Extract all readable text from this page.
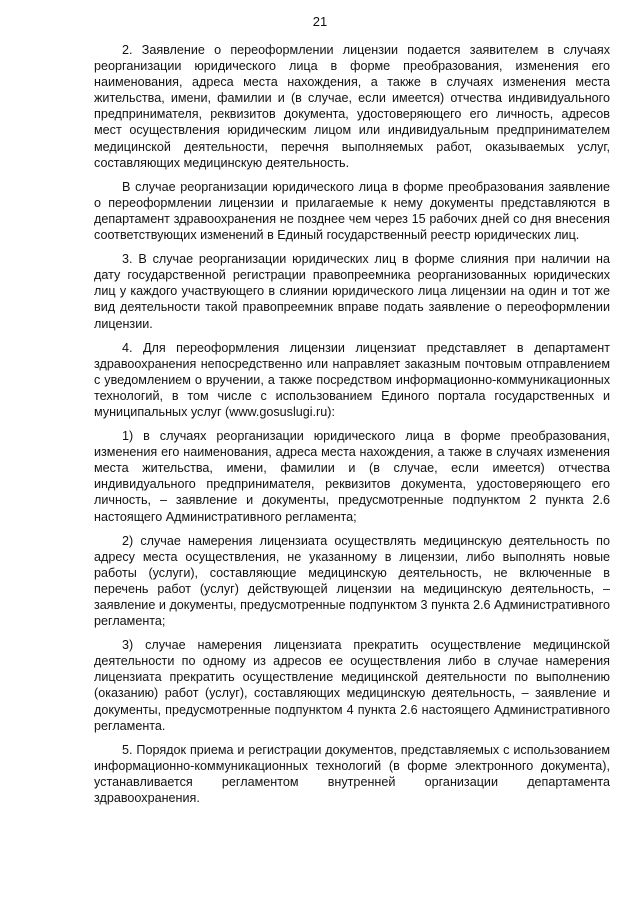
21

2. Заявление о переоформлении лицензии подается заявителем в случаях реорганизации юридического лица в форме преобразования, изменения его наименования, адреса места нахождения, а также в случаях изменения места жительства, имени, фамилии и (в случае, если имеется) отчества индивидуального предпринимателя, реквизитов документа, удостоверяющего его личность, адресов мест осуществления юридическим лицом или индивидуальным предпринимателем медицинской деятельности, перечня выполняемых работ, оказываемых услуг, составляющих медицинскую деятельность.

В случае реорганизации юридического лица в форме преобразования заявление о переоформлении лицензии и прилагаемые к нему документы представляются в департамент здравоохранения не позднее чем через 15 рабочих дней со дня внесения соответствующих изменений в Единый государственный реестр юридических лиц.

3. В случае реорганизации юридических лиц в форме слияния при наличии на дату государственной регистрации правопреемника реорганизованных юридических лиц у каждого участвующего в слиянии юридического лица лицензии на один и тот же вид деятельности такой правопреемник вправе подать заявление о переоформлении лицензии.

4. Для переоформления лицензии лицензиат представляет в департамент здравоохранения непосредственно или направляет заказным почтовым отправлением с уведомлением о вручении, а также посредством информационно-коммуникационных технологий, в том числе с использованием Единого портала государственных и муниципальных услуг (www.gosuslugi.ru):

1) в случаях реорганизации юридического лица в форме преобразования, изменения его наименования, адреса места нахождения, а также в случаях изменения места жительства, имени, фамилии и (в случае, если имеется) отчества индивидуального предпринимателя, реквизитов документа, удостоверяющего его личность, – заявление и документы, предусмотренные подпунктом 2 пункта 2.6 настоящего Административного регламента;

2) случае намерения лицензиата осуществлять медицинскую деятельность по адресу места осуществления, не указанному в лицензии, либо выполнять новые работы (услуги), составляющие медицинскую деятельность, не включенные в перечень работ (услуг) действующей лицензии на медицинскую деятельность, – заявление и документы, предусмотренные подпунктом 3 пункта 2.6 Административного регламента;

3) случае намерения лицензиата прекратить осуществление медицинской деятельности по одному из адресов ее осуществления либо в случае намерения лицензиата прекратить осуществление медицинской деятельности по выполнению (оказанию) работ (услуг), составляющих медицинскую деятельность, – заявление и документы, предусмотренные подпунктом 4 пункта 2.6 настоящего Административного регламента.

5. Порядок приема и регистрации документов, представляемых с использованием информационно-коммуникационных технологий (в форме электронного документа), устанавливается регламентом внутренней организации департамента здравоохранения.
